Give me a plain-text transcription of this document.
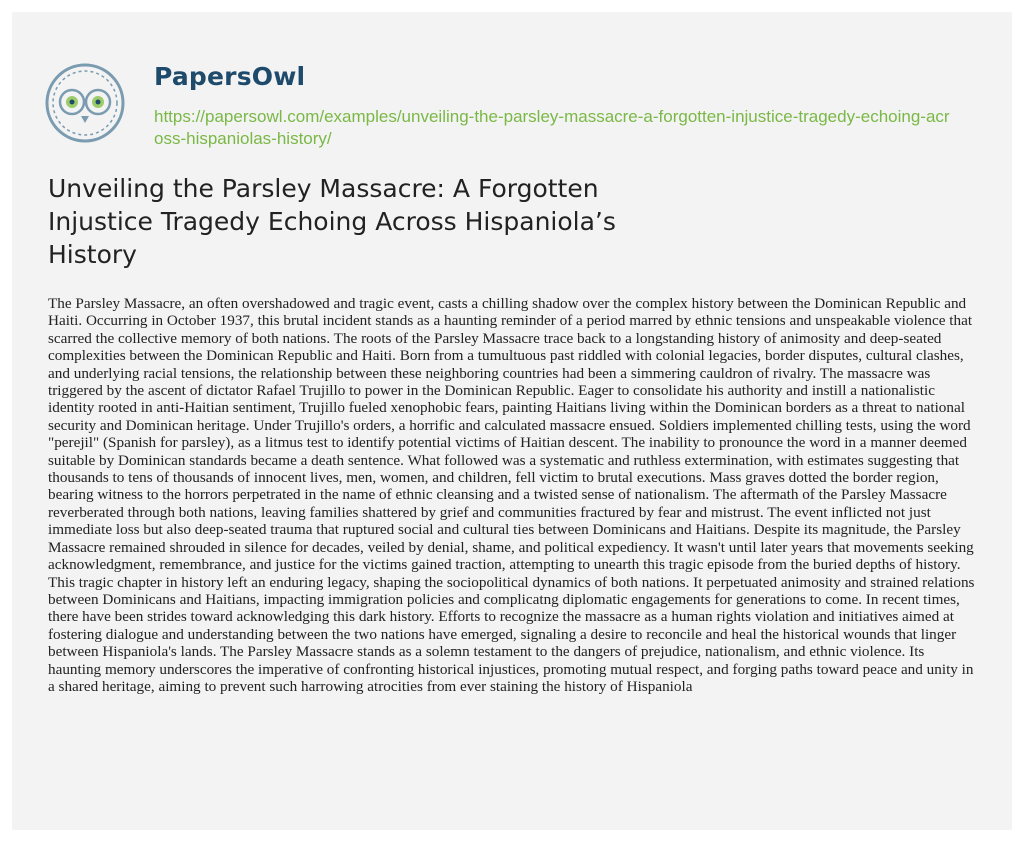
PapersOwl
https://papersowl.com/examples/unveiling-the-parsley-massacre-a-forgotten-injustice-tragedy-echoing-across-hispaniolas-history/
Unveiling the Parsley Massacre: A Forgotten Injustice Tragedy Echoing Across Hispaniola’s History

The Parsley Massacre, an often overshadowed and tragic event, casts a chilling shadow over the complex history between the Dominican Republic and Haiti. Occurring in October 1937, this brutal incident stands as a haunting reminder of a period marred by ethnic tensions and unspeakable violence that scarred the collective memory of both nations. The roots of the Parsley Massacre trace back to a longstanding history of animosity and deep-seated complexities between the Dominican Republic and Haiti. Born from a tumultuous past riddled with colonial legacies, border disputes, cultural clashes, and underlying racial tensions, the relationship between these neighboring countries had been a simmering cauldron of rivalry. The massacre was triggered by the ascent of dictator Rafael Trujillo to power in the Dominican Republic. Eager to consolidate his authority and instill a nationalistic identity rooted in anti-Haitian sentiment, Trujillo fueled xenophobic fears, painting Haitians living within the Dominican borders as a threat to national security and Dominican heritage. Under Trujillo's orders, a horrific and calculated massacre ensued. Soldiers implemented chilling tests, using the word "perejil" (Spanish for parsley), as a litmus test to identify potential victims of Haitian descent. The inability to pronounce the word in a manner deemed suitable by Dominican standards became a death sentence. What followed was a systematic and ruthless extermination, with estimates suggesting that thousands to tens of thousands of innocent lives, men, women, and children, fell victim to brutal executions. Mass graves dotted the border region, bearing witness to the horrors perpetrated in the name of ethnic cleansing and a twisted sense of nationalism. The aftermath of the Parsley Massacre reverberated through both nations, leaving families shattered by grief and communities fractured by fear and mistrust. The event inflicted not just immediate loss but also deep-seated trauma that ruptured social and cultural ties between Dominicans and Haitians. Despite its magnitude, the Parsley Massacre remained shrouded in silence for decades, veiled by denial, shame, and political expediency. It wasn't until later years that movements seeking acknowledgment, remembrance, and justice for the victims gained traction, attempting to unearth this tragic episode from the buried depths of history. This tragic chapter in history left an enduring legacy, shaping the sociopolitical dynamics of both nations. It perpetuated animosity and strained relations between Dominicans and Haitians, impacting immigration policies and complicatng diplomatic engagements for generations to come. In recent times, there have been strides toward acknowledging this dark history. Efforts to recognize the massacre as a human rights violation and initiatives aimed at fostering dialogue and understanding between the two nations have emerged, signaling a desire to reconcile and heal the historical wounds that linger between Hispaniola's lands. The Parsley Massacre stands as a solemn testament to the dangers of prejudice, nationalism, and ethnic violence. Its haunting memory underscores the imperative of confronting historical injustices, promoting mutual respect, and forging paths toward peace and unity in a shared heritage, aiming to prevent such harrowing atrocities from ever staining the history of Hispaniola
